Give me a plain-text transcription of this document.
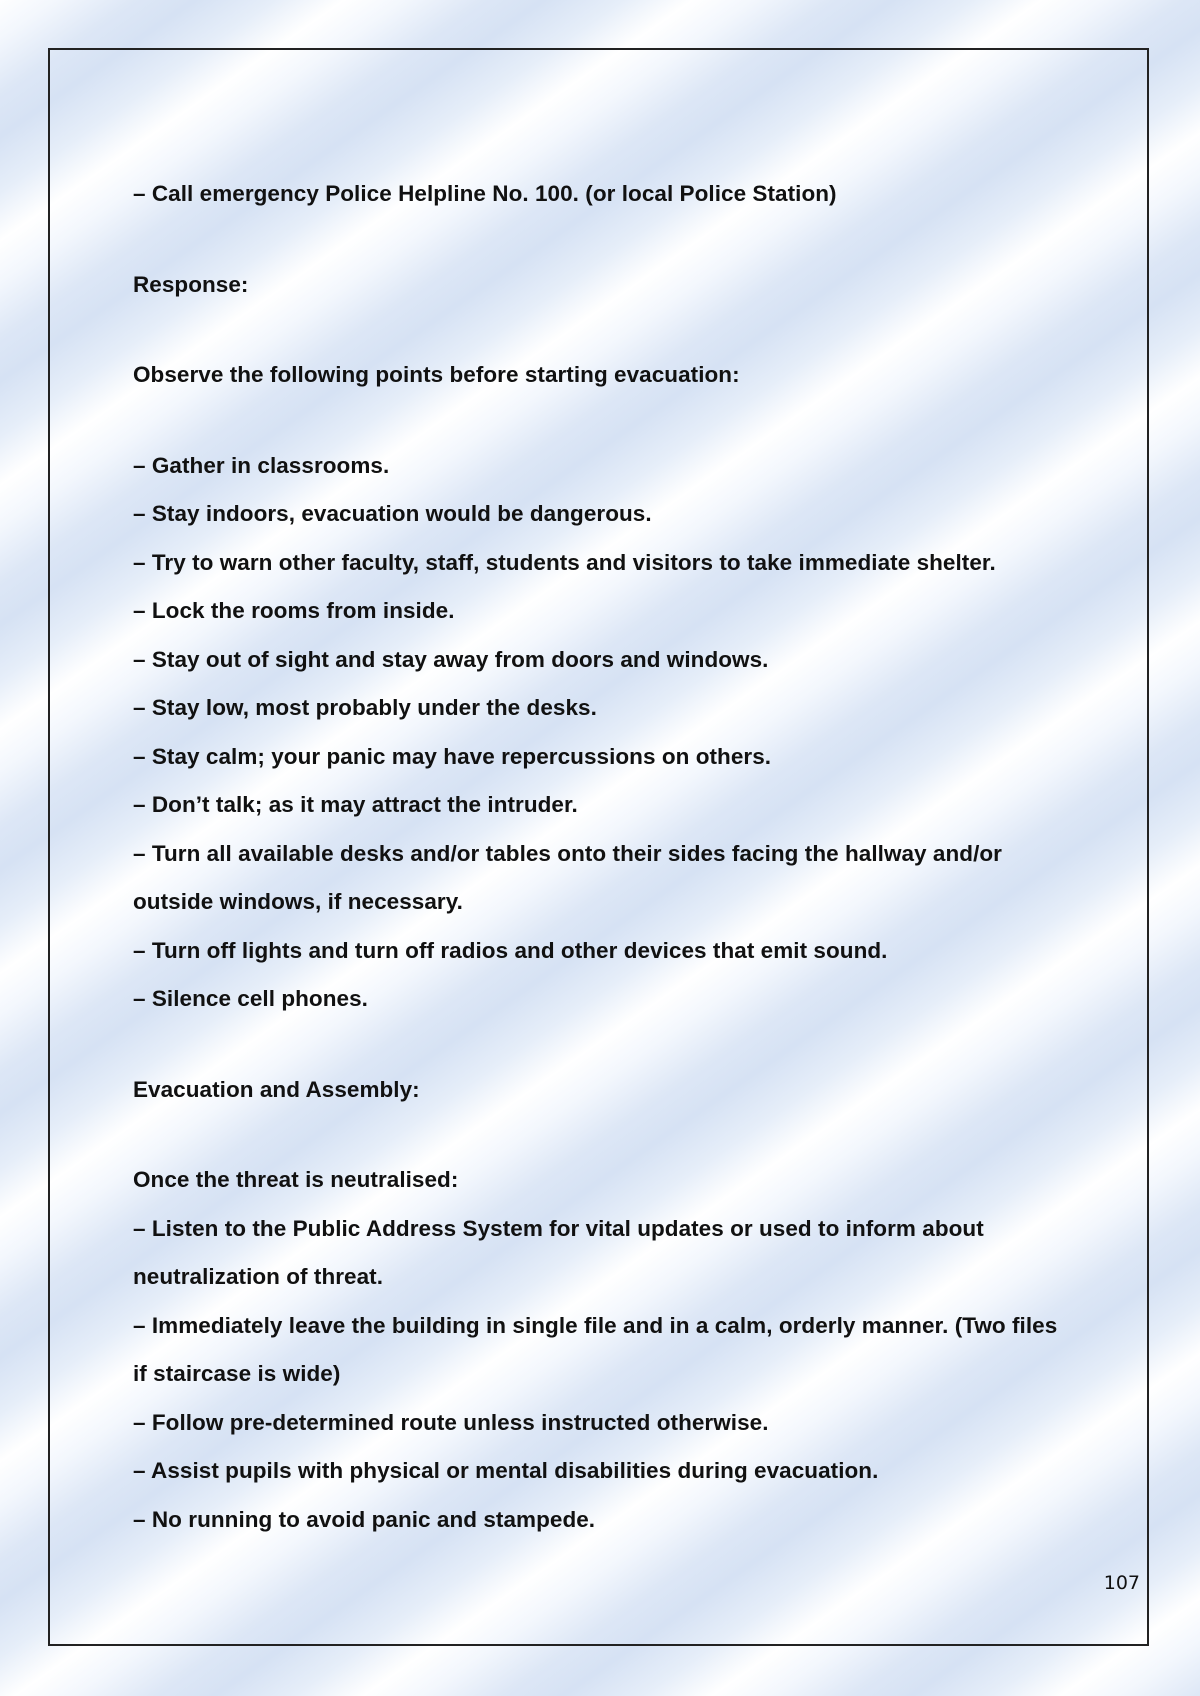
– Call emergency Police Helpline No. 100. (or local Police Station)

Response:

Observe the following points before starting evacuation:

– Gather in classrooms.

– Stay indoors, evacuation would be dangerous.

– Try to warn other faculty, staff, students and visitors to take immediate shelter.

– Lock the rooms from inside.

– Stay out of sight and stay away from doors and windows.

– Stay low, most probably under the desks.

– Stay calm; your panic may have repercussions on others.

– Don’t talk; as it may attract the intruder.

– Turn all available desks and/or tables onto their sides facing the hallway and/or

outside windows, if necessary.

– Turn off lights and turn off radios and other devices that emit sound.

– Silence cell phones.

Evacuation and Assembly:

Once the threat is neutralised:

– Listen to the Public Address System for vital updates or used to inform about

neutralization of threat.

– Immediately leave the building in single file and in a calm, orderly manner. (Two files

if staircase is wide)

– Follow pre-determined route unless instructed otherwise.

– Assist pupils with physical or mental disabilities during evacuation.

– No running to avoid panic and stampede.

107
